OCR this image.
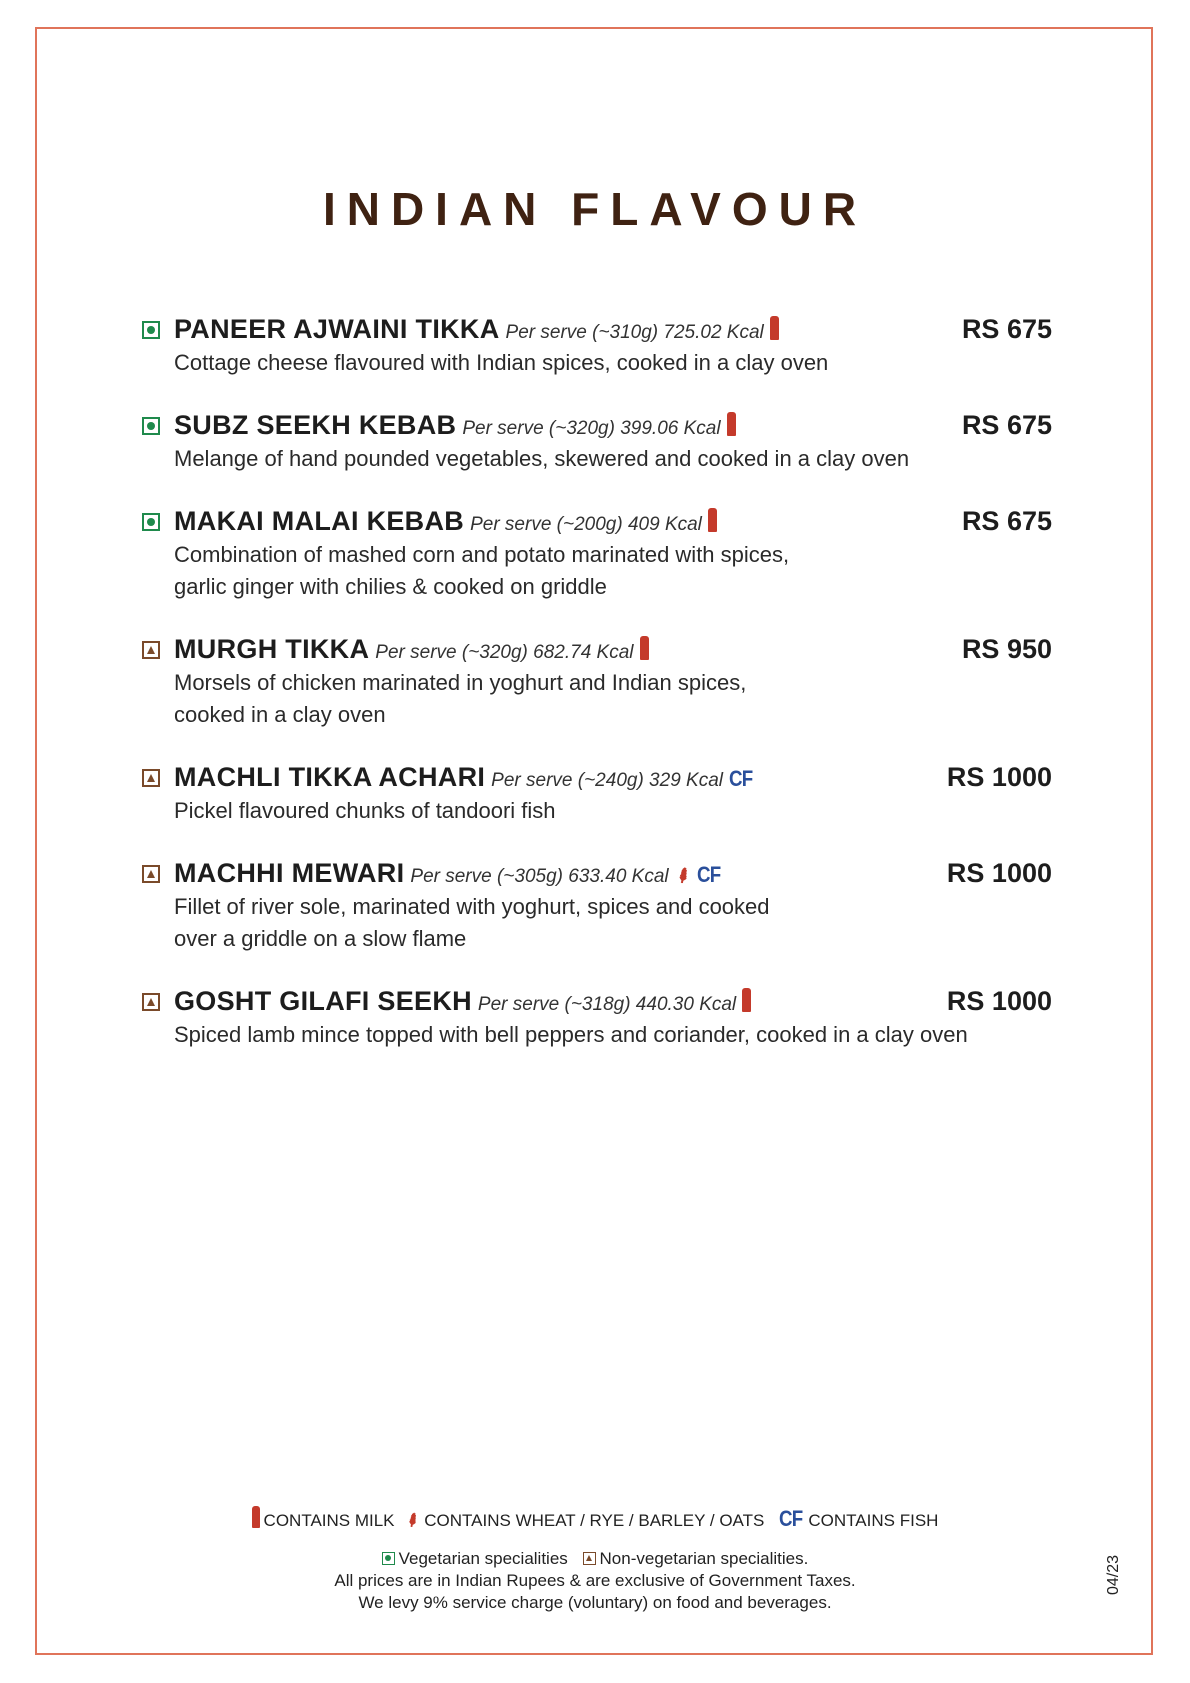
INDIAN FLAVOUR
PANEER AJWAINI TIKKA Per serve (~310g) 725.02 Kcal	RS 675
Cottage cheese flavoured with Indian spices, cooked in a clay oven
SUBZ SEEKH KEBAB Per serve (~320g) 399.06 Kcal	RS 675
Melange of hand pounded vegetables, skewered and cooked in a clay oven
MAKAI MALAI KEBAB Per serve (~200g) 409 Kcal	RS 675
Combination of mashed corn and potato marinated with spices,
garlic ginger with chilies & cooked on griddle
MURGH TIKKA Per serve (~320g) 682.74 Kcal	RS 950
Morsels of chicken marinated in yoghurt and Indian spices,
cooked in a clay oven
MACHLI TIKKA ACHARI Per serve (~240g) 329 Kcal CF	RS 1000
Pickel flavoured chunks of tandoori fish
MACHHI MEWARI Per serve (~305g) 633.40 Kcal ⸙ CF	RS 1000
Fillet of river sole, marinated with yoghurt, spices and cooked
over a griddle on a slow flame
GOSHT GILAFI SEEKH Per serve (~318g) 440.30 Kcal	RS 1000
Spiced lamb mince topped with bell peppers and coriander, cooked in a clay oven
CONTAINS MILK ⸙CONTAINS WHEAT / RYE / BARLEY / OATS CF CONTAINS FISH
Vegetarian specialities Non-vegetarian specialities.
All prices are in Indian Rupees & are exclusive of Government Taxes.
We levy 9% service charge (voluntary) on food and beverages.
04/23
